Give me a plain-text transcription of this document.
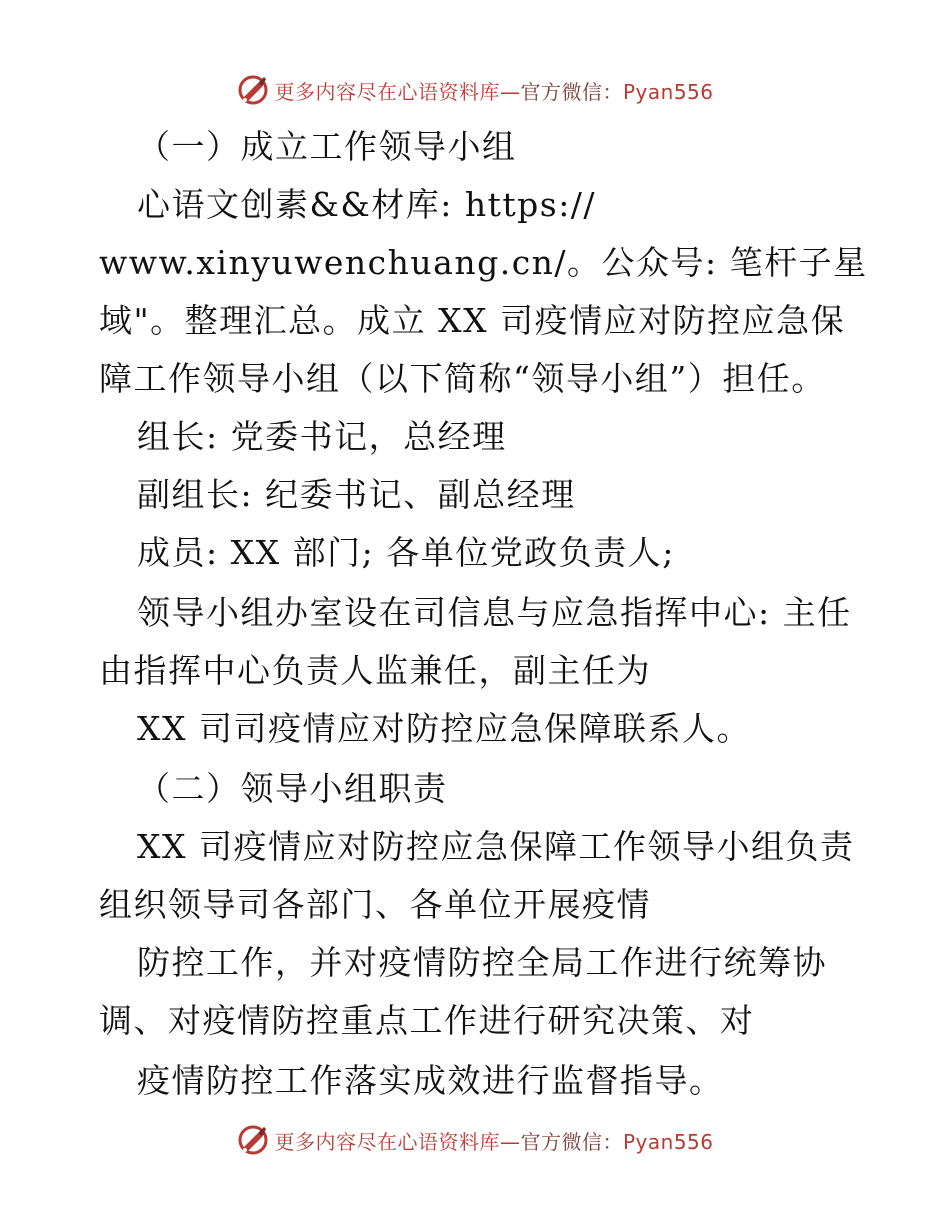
更多内容尽在心语资料库—官方微信：Pyan556
（一）成立工作领导小组
心语文创素&&材库: https://
www.xinyuwenchuang.cn/。公众号: 笔杆子星
域"。整理汇总。成立 XX 司疫情应对防控应急保
障工作领导小组（以下简称“领导小组”）担任。
组长: 党委书记，总经理
副组长: 纪委书记、副总经理
成员: XX 部门; 各单位党政负责人;
领导小组办室设在司信息与应急指挥中心: 主任
由指挥中心负责人监兼任，副主任为
XX 司司疫情应对防控应急保障联系人。
（二）领导小组职责
XX 司疫情应对防控应急保障工作领导小组负责
组织领导司各部门、各单位开展疫情
防控工作，并对疫情防控全局工作进行统筹协
调、对疫情防控重点工作进行研究决策、对
疫情防控工作落实成效进行监督指导。
更多内容尽在心语资料库—官方微信：Pyan556
